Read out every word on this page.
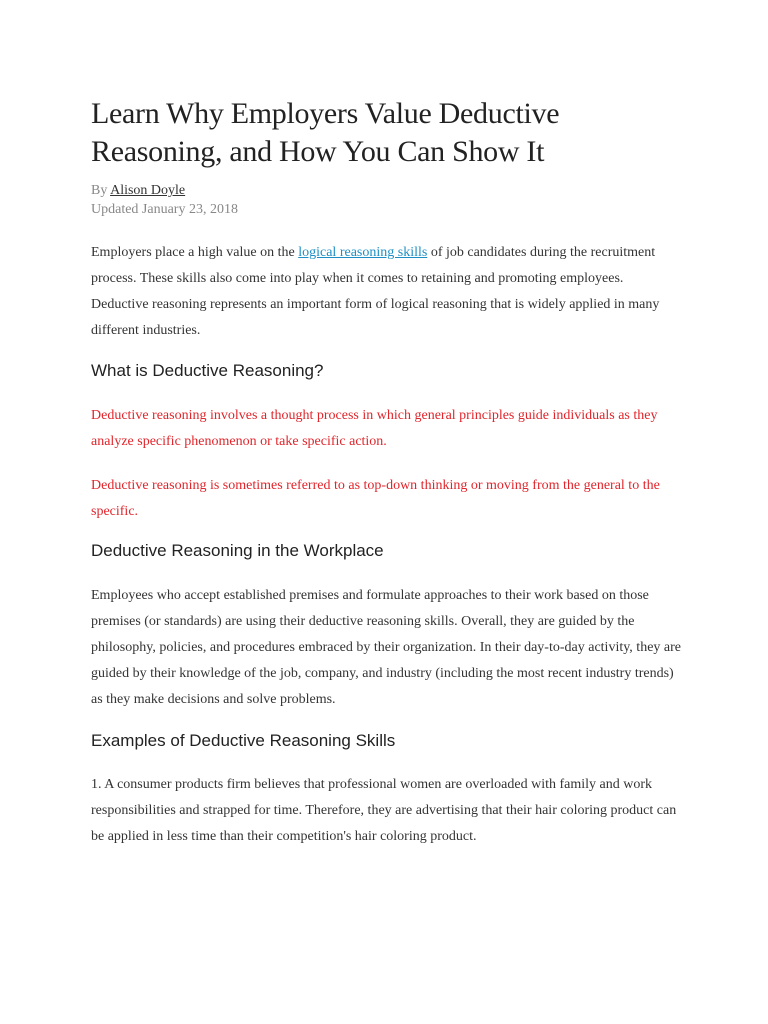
Learn Why Employers Value Deductive Reasoning, and How You Can Show It
By Alison Doyle
Updated January 23, 2018

Employers place a high value on the logical reasoning skills of job candidates during the recruitment process. These skills also come into play when it comes to retaining and promoting employees. Deductive reasoning represents an important form of logical reasoning that is widely applied in many different industries.

What is Deductive Reasoning?

Deductive reasoning involves a thought process in which general principles guide individuals as they analyze specific phenomenon or take specific action.

Deductive reasoning is sometimes referred to as top-down thinking or moving from the general to the specific.

Deductive Reasoning in the Workplace

Employees who accept established premises and formulate approaches to their work based on those premises (or standards) are using their deductive reasoning skills. Overall, they are guided by the philosophy, policies, and procedures embraced by their organization. In their day-to-day activity, they are guided by their knowledge of the job, company, and industry (including the most recent industry trends) as they make decisions and solve problems.

Examples of Deductive Reasoning Skills

1. A consumer products firm believes that professional women are overloaded with family and work responsibilities and strapped for time. Therefore, they are advertising that their hair coloring product can be applied in less time than their competition's hair coloring product.
